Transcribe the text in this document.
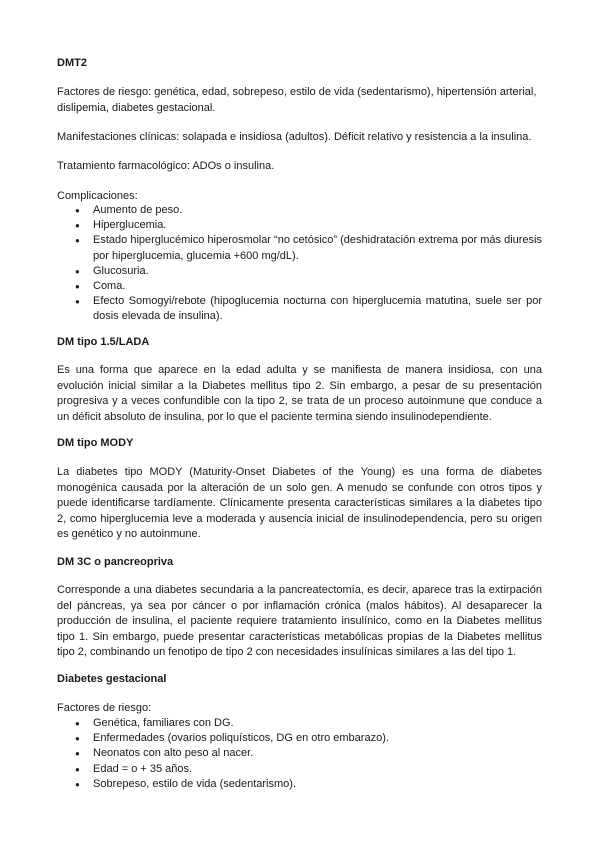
DMT2

Factores de riesgo: genética, edad, sobrepeso, estilo de vida (sedentarismo), hipertensión arterial, dislipemia, diabetes gestacional.

Manifestaciones clínicas: solapada e insidiosa (adultos). Déficit relativo y resistencia a la insulina.

Tratamiento farmacológico: ADOs o insulina.

Complicaciones:

● Aumento de peso.
● Hiperglucemia.
● Estado hiperglucémico hiperosmolar “no cetósico” (deshidratación extrema por más diuresis por hiperglucemia, glucemia +600 mg/dL).
● Glucosuria.
● Coma.
● Efecto Somogyi/rebote (hipoglucemia nocturna con hiperglucemia matutina, suele ser por dosis elevada de insulina).
DM tipo 1.5/LADA

Es una forma que aparece en la edad adulta y se manifiesta de manera insidiosa, con una evolución inicial similar a la Diabetes mellitus tipo 2. Sin embargo, a pesar de su presentación progresiva y a veces confundible con la tipo 2, se trata de un proceso autoinmune que conduce a un déficit absoluto de insulina, por lo que el paciente termina siendo insulinodependiente.

DM tipo MODY

La diabetes tipo MODY (Maturity-Onset Diabetes of the Young) es una forma de diabetes monogénica causada por la alteración de un solo gen. A menudo se confunde con otros tipos y puede identificarse tardíamente. Clínicamente presenta características similares a la diabetes tipo 2, como hiperglucemia leve a moderada y ausencia inicial de insulinodependencia, pero su origen es genético y no autoinmune.

DM 3C o pancreopriva

Corresponde a una diabetes secundaria a la pancreatectomía, es decir, aparece tras la extirpación del páncreas, ya sea por cáncer o por inflamación crónica (malos hábitos). Al desaparecer la producción de insulina, el paciente requiere tratamiento insulínico, como en la Diabetes mellitus tipo 1. Sin embargo, puede presentar características metabólicas propias de la Diabetes mellitus tipo 2, combinando un fenotipo de tipo 2 con necesidades insulínicas similares a las del tipo 1.

Diabetes gestacional

Factores de riesgo:

● Genética, familiares con DG.
● Enfermedades (ovarios poliquísticos, DG en otro embarazo).
● Neonatos con alto peso al nacer.
● Edad = o + 35 años.
● Sobrepeso, estilo de vida (sedentarismo).
